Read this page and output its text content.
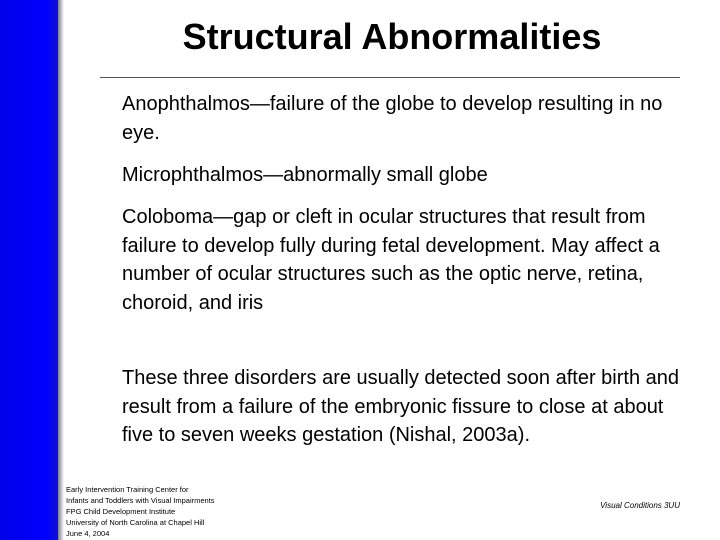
Structural Abnormalities

Anophthalmos—failure of the globe to develop resulting in no eye.

Microphthalmos—abnormally small globe

Coloboma—gap or cleft in ocular structures that result from failure to develop fully during fetal development. May affect a number of ocular structures such as the optic nerve, retina, choroid, and iris

These three disorders are usually detected soon after birth and result from a failure of the embryonic fissure to close at about five to seven weeks gestation (Nishal, 2003a).

Early Intervention Training Center for
Infants and Toddlers with Visual Impairments
FPG Child Development Institute
University of North Carolina at Chapel Hill
June 4, 2004
Visual Conditions 3UU
